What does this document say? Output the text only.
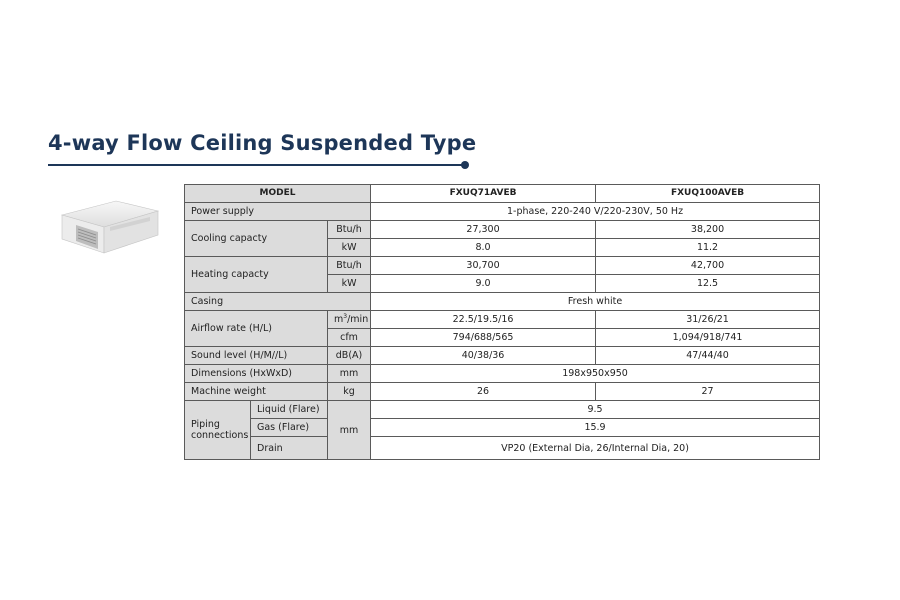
4-way Flow Ceiling Suspended Type
MODEL			FXUQ71AVEB	FXUQ100AVEB
Power supply			1-phase, 220-240 V/220-230V, 50 Hz	
Cooling capacty		Btu/h	27,300	38,200
		kW	8.0	11.2
Heating capacty		Btu/h	30,700	42,700
		kW	9.0	12.5
Casing			Fresh white	
Airflow rate (H/L)		$m^3/\min$	22.5/19.5/16	31/26/21
		cfm	794/688/565	1,094/918/741
Sound level (H/M//L)		dB(A)	40/38/36	47/44/40
Dimensions (HxWxD)		mm	198x950x950	
Machine weight		kg	26	27

Piping
connections	Liquid (Flare)	mm	9.5	
	Gas (Flare)		15.9	
	Drain		VP20 (External Dia, 26/Internal Dia, 20)	
